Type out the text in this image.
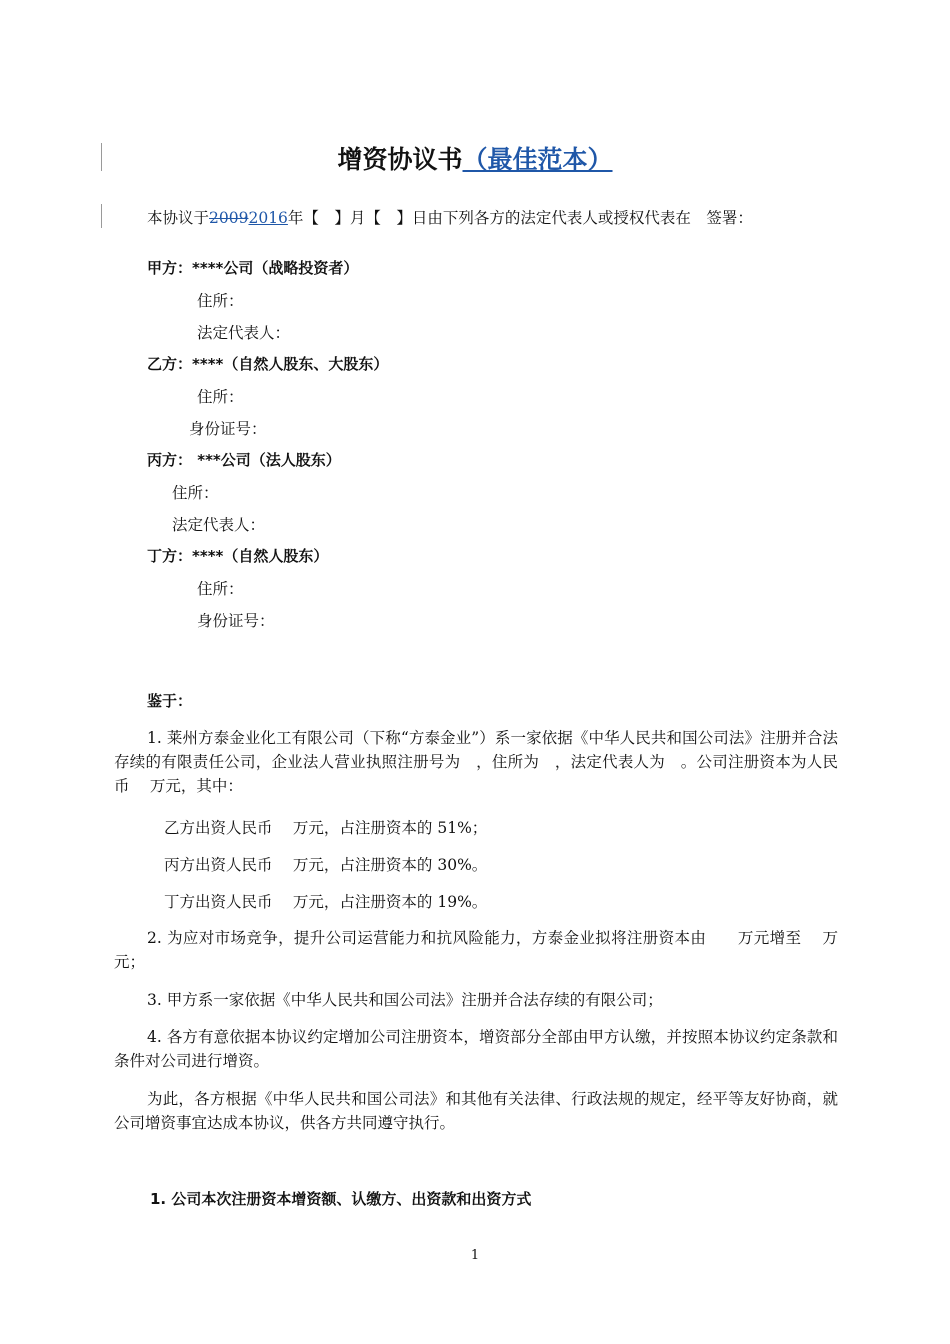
增资协议书（最佳范本）
本协议于20092016年【　】月【　】日由下列各方的法定代表人或授权代表在　签署：
甲方：****公司（战略投资者）
住所：
法定代表人：
乙方：****（自然人股东、大股东）
住所：
身份证号：
丙方： ***公司（法人股东）
住所：
法定代表人：
丁方：****（自然人股东）
住所：
身份证号：
鉴于：
1. 莱州方泰金业化工有限公司（下称“方泰金业”）系一家依据《中华人民共和国公司法》注册并合法存续的有限责任公司，企业法人营业执照注册号为　，住所为　，法定代表人为　。公司注册资本为人民币　 万元，其中：
乙方出资人民币　 万元，占注册资本的 51%；
丙方出资人民币　 万元，占注册资本的 30%。
丁方出资人民币　 万元，占注册资本的 19%。
2. 为应对市场竞争，提升公司运营能力和抗风险能力，方泰金业拟将注册资本由　　万元增至　 万元；
3. 甲方系一家依据《中华人民共和国公司法》注册并合法存续的有限公司；
4. 各方有意依据本协议约定增加公司注册资本，增资部分全部由甲方认缴，并按照本协议约定条款和条件对公司进行增资。
为此，各方根据《中华人民共和国公司法》和其他有关法律、行政法规的规定，经平等友好协商，就公司增资事宜达成本协议，供各方共同遵守执行。
1. 公司本次注册资本增资额、认缴方、出资款和出资方式
1
